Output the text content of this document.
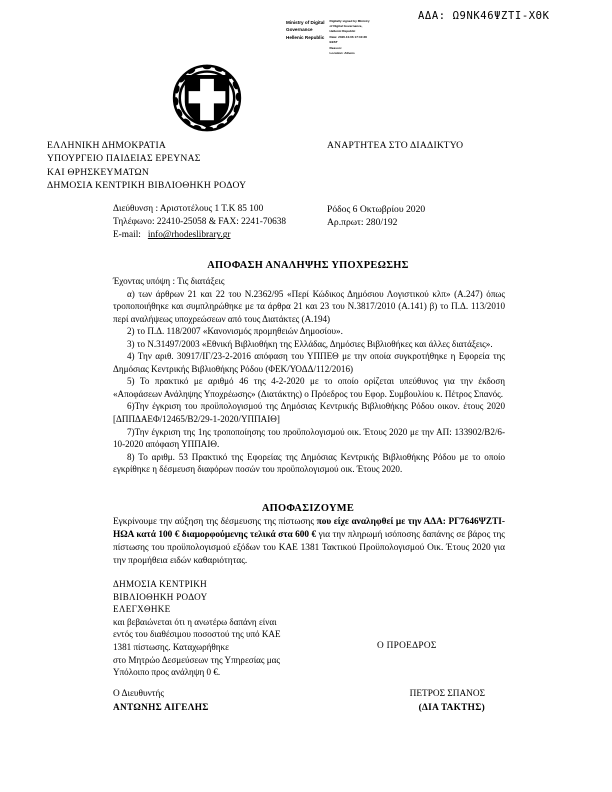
ΑΔΑ: Ω9ΝΚ46ΨΖΤΙ-ΧΘΚ
Ministry of Digital
Governance
Hellenic Republic
Digitally signed by Ministry
of Digital Governance,
Hellenic Republic
Date: 2020.10.06 17:10:38
EEST
Reason:
Location: Athens
ΕΛΛΗΝΙΚΗ ΔΗΜΟΚΡΑΤΙΑ
ΥΠΟΥΡΓΕΙΟ ΠΑΙΔΕΙΑΣ ΕΡΕΥΝΑΣ
ΚΑΙ ΘΡΗΣΚΕΥΜΑΤΩΝ
ΔΗΜΟΣΙΑ ΚΕΝΤΡΙΚΗ ΒΙΒΛΙΟΘΗΚΗ ΡΟΔΟΥ
ΑΝΑΡΤΗΤΕΑ ΣΤΟ ΔΙΑΔΙΚΤΥΟ
Διεύθυνση : Αριστοτέλους 1 Τ.Κ 85 100
Τηλέφωνο: 22410-25058 & FAX: 2241-70638
E-mail: info@rhodeslibrary.gr
Ρόδος 6 Οκτωβρίου 2020
Αρ.πρωτ: 280/192
ΑΠΟΦΑΣΗ ΑΝΑΛΗΨΗΣ ΥΠΟΧΡΕΩΣΗΣ
Έχοντας υπόψη : Τις διατάξεις
α) των άρθρων 21 και 22 του Ν.2362/95 «Περί Κώδικος Δημόσιου Λογιστικού κλπ» (Α.247) όπως τροποποιήθηκε και συμπληρώθηκε με τα άρθρα 21 και 23 του Ν.3817/2010 (Α.141) β) το Π.Δ. 113/2010 περί αναλήψεως υποχρεώσεων από τους Διατάκτες (Α.194)
2) το Π.Δ. 118/2007 «Κανονισμός προμηθειών Δημοσίου».
3) το Ν.31497/2003 «Εθνική Βιβλιοθήκη της Ελλάδας, Δημόσιες Βιβλιοθήκες και άλλες διατάξεις».
4) Την αριθ. 30917/ΙΓ/23-2-2016 απόφαση του ΥΠΠΕΘ με την οποία συγκροτήθηκε η Εφορεία της Δημόσιας Κεντρικής Βιβλιοθήκης Ρόδου (ΦΕΚ/ΥΟΔΔ/112/2016)
5) Το πρακτικό με αριθμό 46 της 4-2-2020 με το οποίο ορίζεται υπεύθυνος για την έκδοση «Αποφάσεων Ανάληψης Υποχρέωσης» (Διατάκτης) ο Πρόεδρος του Εφορ. Συμβουλίου κ. Πέτρος Σπανός.
6)Την έγκριση του προϋπολογισμού της Δημόσιας Κεντρικής Βιβλιοθήκης Ρόδου οικον. έτους 2020 [ΔΠΠΔΑΕΦ/12465/Β2/29-1-2020/ΥΠΠΑΙΘ]
7)Την έγκριση της 1ης τροποποίησης του προϋπολογισμού οικ. Έτους 2020 με την ΑΠ: 133902/Β2/6-10-2020 απόφαση ΥΠΠΑΙΘ.
8) Το αριθμ. 53 Πρακτικό της Εφορείας της Δημόσιας Κεντρικής Βιβλιοθήκης Ρόδου με το οποίο εγκρίθηκε η δέσμευση διαφόρων ποσών του προϋπολογισμού οικ. Έτους 2020.
ΑΠΟΦΑΣΙΖΟΥΜΕ
Εγκρίνουμε την αύξηση της δέσμευσης της πίστωσης που είχε αναληφθεί με την ΑΔΑ: ΡΓ7646ΨΖΤΙ-ΗΩΑ κατά 100 € διαμορφούμενης τελικά στα 600 € για την πληρωμή ισόποσης δαπάνης σε βάρος της πίστωσης του προϋπολογισμού εξόδων του ΚΑΕ 1381 Τακτικού Προϋπολογισμού Οικ. Έτους 2020 για την προμήθεια ειδών καθαριότητας.
ΔΗΜΟΣΙΑ ΚΕΝΤΡΙΚΗ
ΒΙΒΛΙΟΘΗΚΗ ΡΟΔΟΥ
ΕΛΕΓΧΘΗΚΕ
και βεβαιώνεται ότι η ανωτέρω δαπάνη είναι
εντός του διαθέσιμου ποσοστού της υπό ΚΑΕ
1381 πίστωσης. Καταχωρήθηκε
στο Μητρώο Δεσμεύσεων της Υπηρεσίας μας
Υπόλοιπο προς ανάληψη 0 €.
Ο ΠΡΟΕΔΡΟΣ
Ο Διευθυντής
ΑΝΤΩΝΗΣ ΑΙΓΕΛΗΣ
ΠΕΤΡΟΣ ΣΠΑΝΟΣ
(ΔΙΑ ΤΑΚΤΗΣ)
